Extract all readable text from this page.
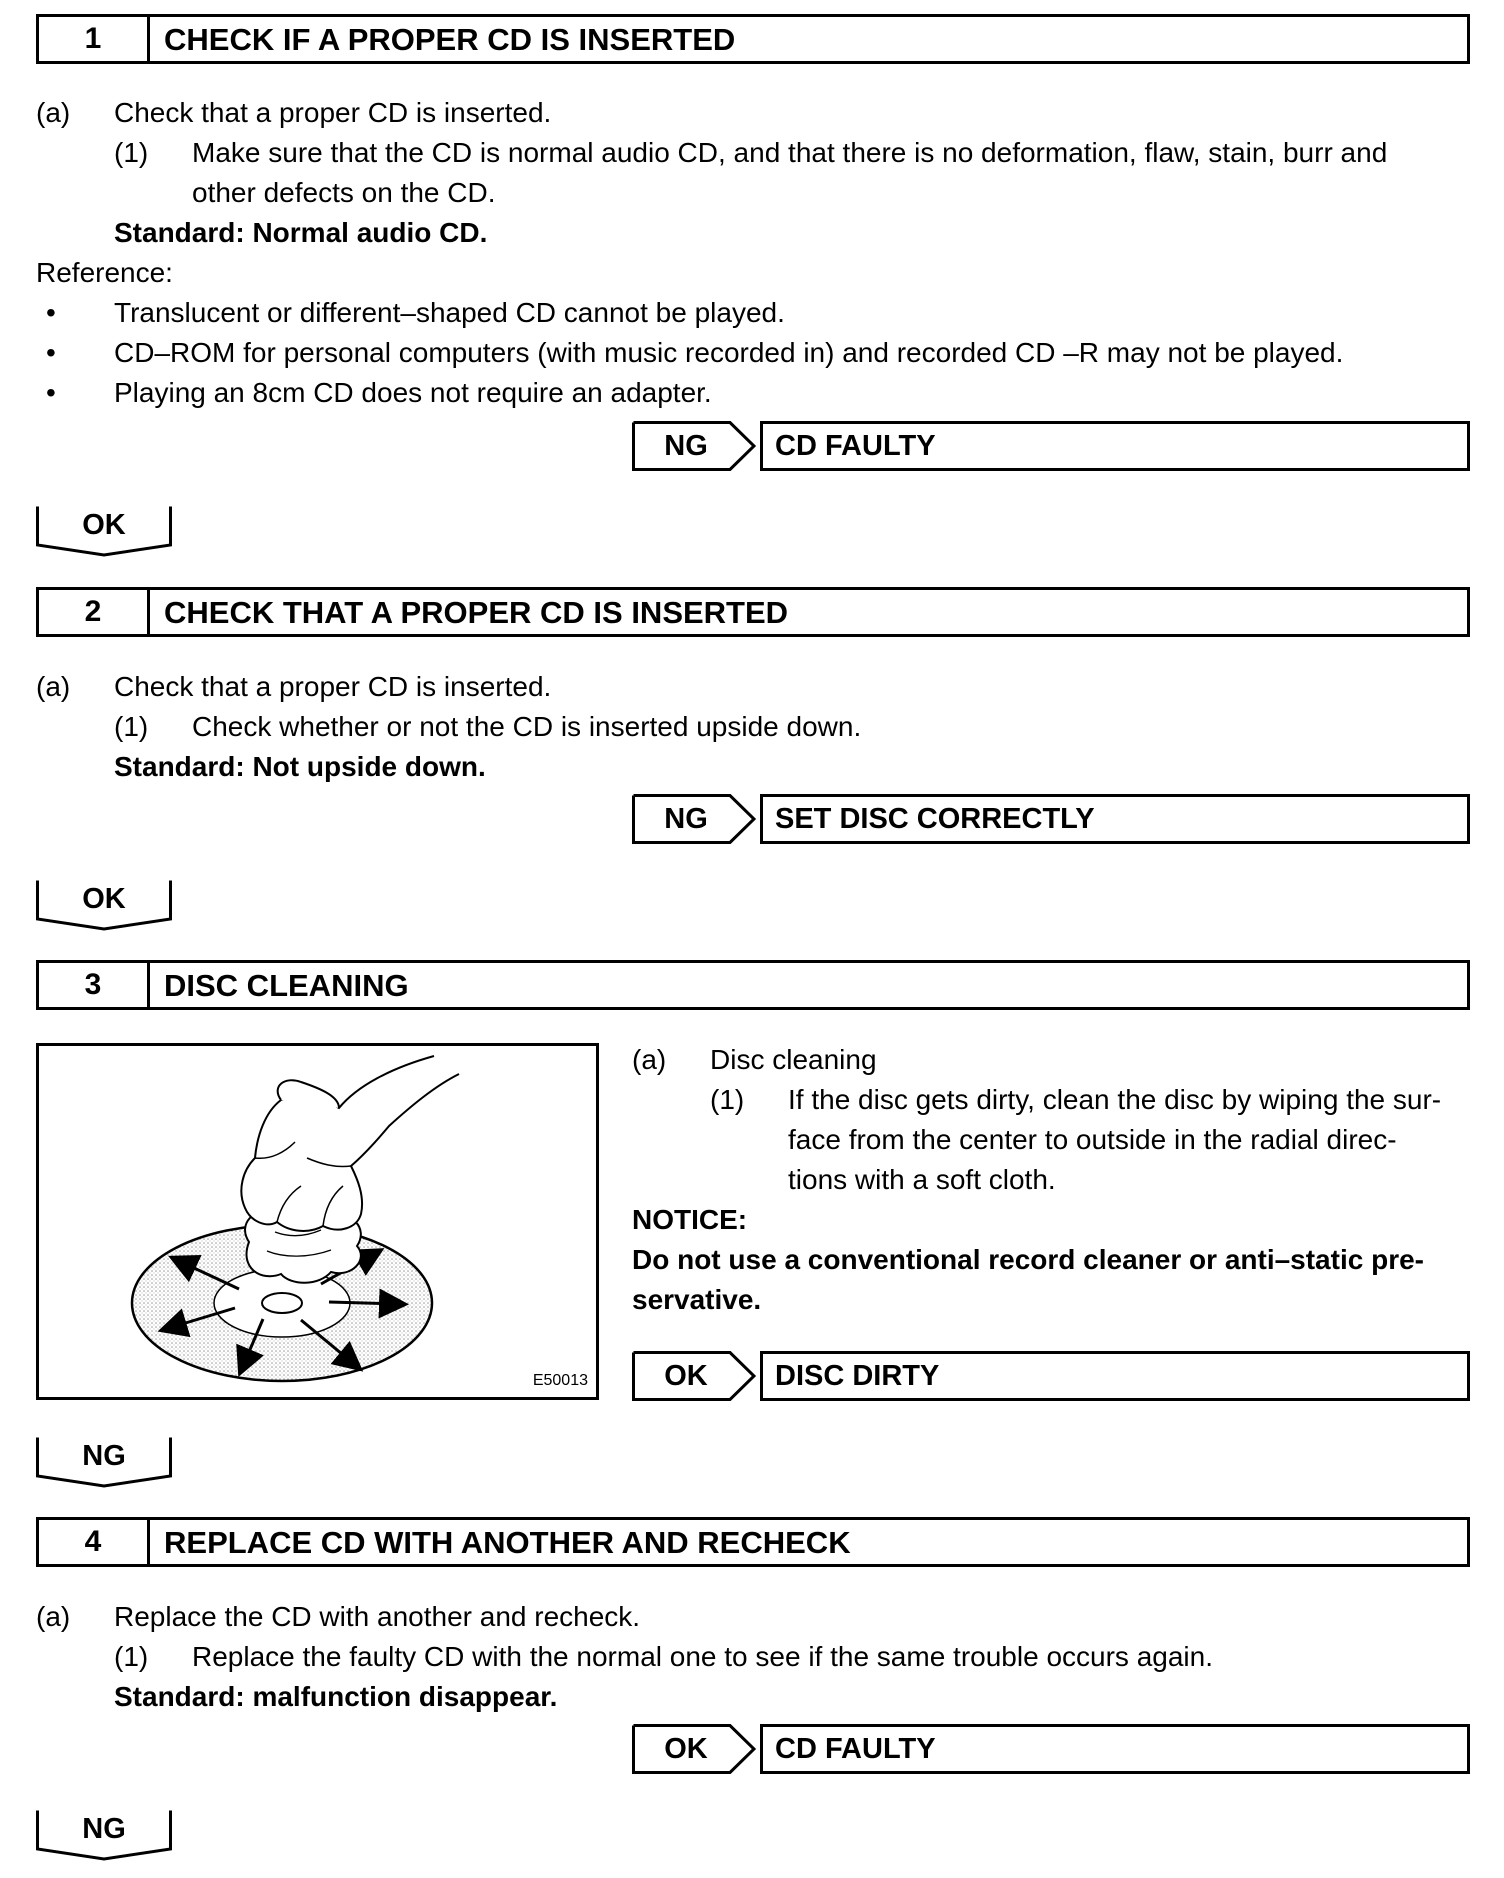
1	CHECK IF A PROPER CD IS INSERTED
(a) Check that a proper CD is inserted.
(1) Make sure that the CD is normal audio CD, and that there is no deformation, flaw, stain, burr and
other defects on the CD.
Standard: Normal audio CD.
Reference:
• Translucent or different–shaped CD cannot be played.
• CD–ROM for personal computers (with music recorded in) and recorded CD –R may not be played.
• Playing an 8cm CD does not require an adapter.
NG	CD FAULTY
OK
2	CHECK THAT A PROPER CD IS INSERTED
(a) Check that a proper CD is inserted.
(1) Check whether or not the CD is inserted upside down.
Standard: Not upside down.
NG	SET DISC CORRECTLY
OK
3	DISC CLEANING
E50013
(a) Disc cleaning
(1) If the disc gets dirty, clean the disc by wiping the sur-
face from the center to outside in the radial direc-
tions with a soft cloth.
NOTICE:
Do not use a conventional record cleaner or anti–static pre-
servative.
OK	DISC DIRTY
NG
4	REPLACE CD WITH ANOTHER AND RECHECK
(a) Replace the CD with another and recheck.
(1) Replace the faulty CD with the normal one to see if the same trouble occurs again.
Standard: malfunction disappear.
OK	CD FAULTY
NG
